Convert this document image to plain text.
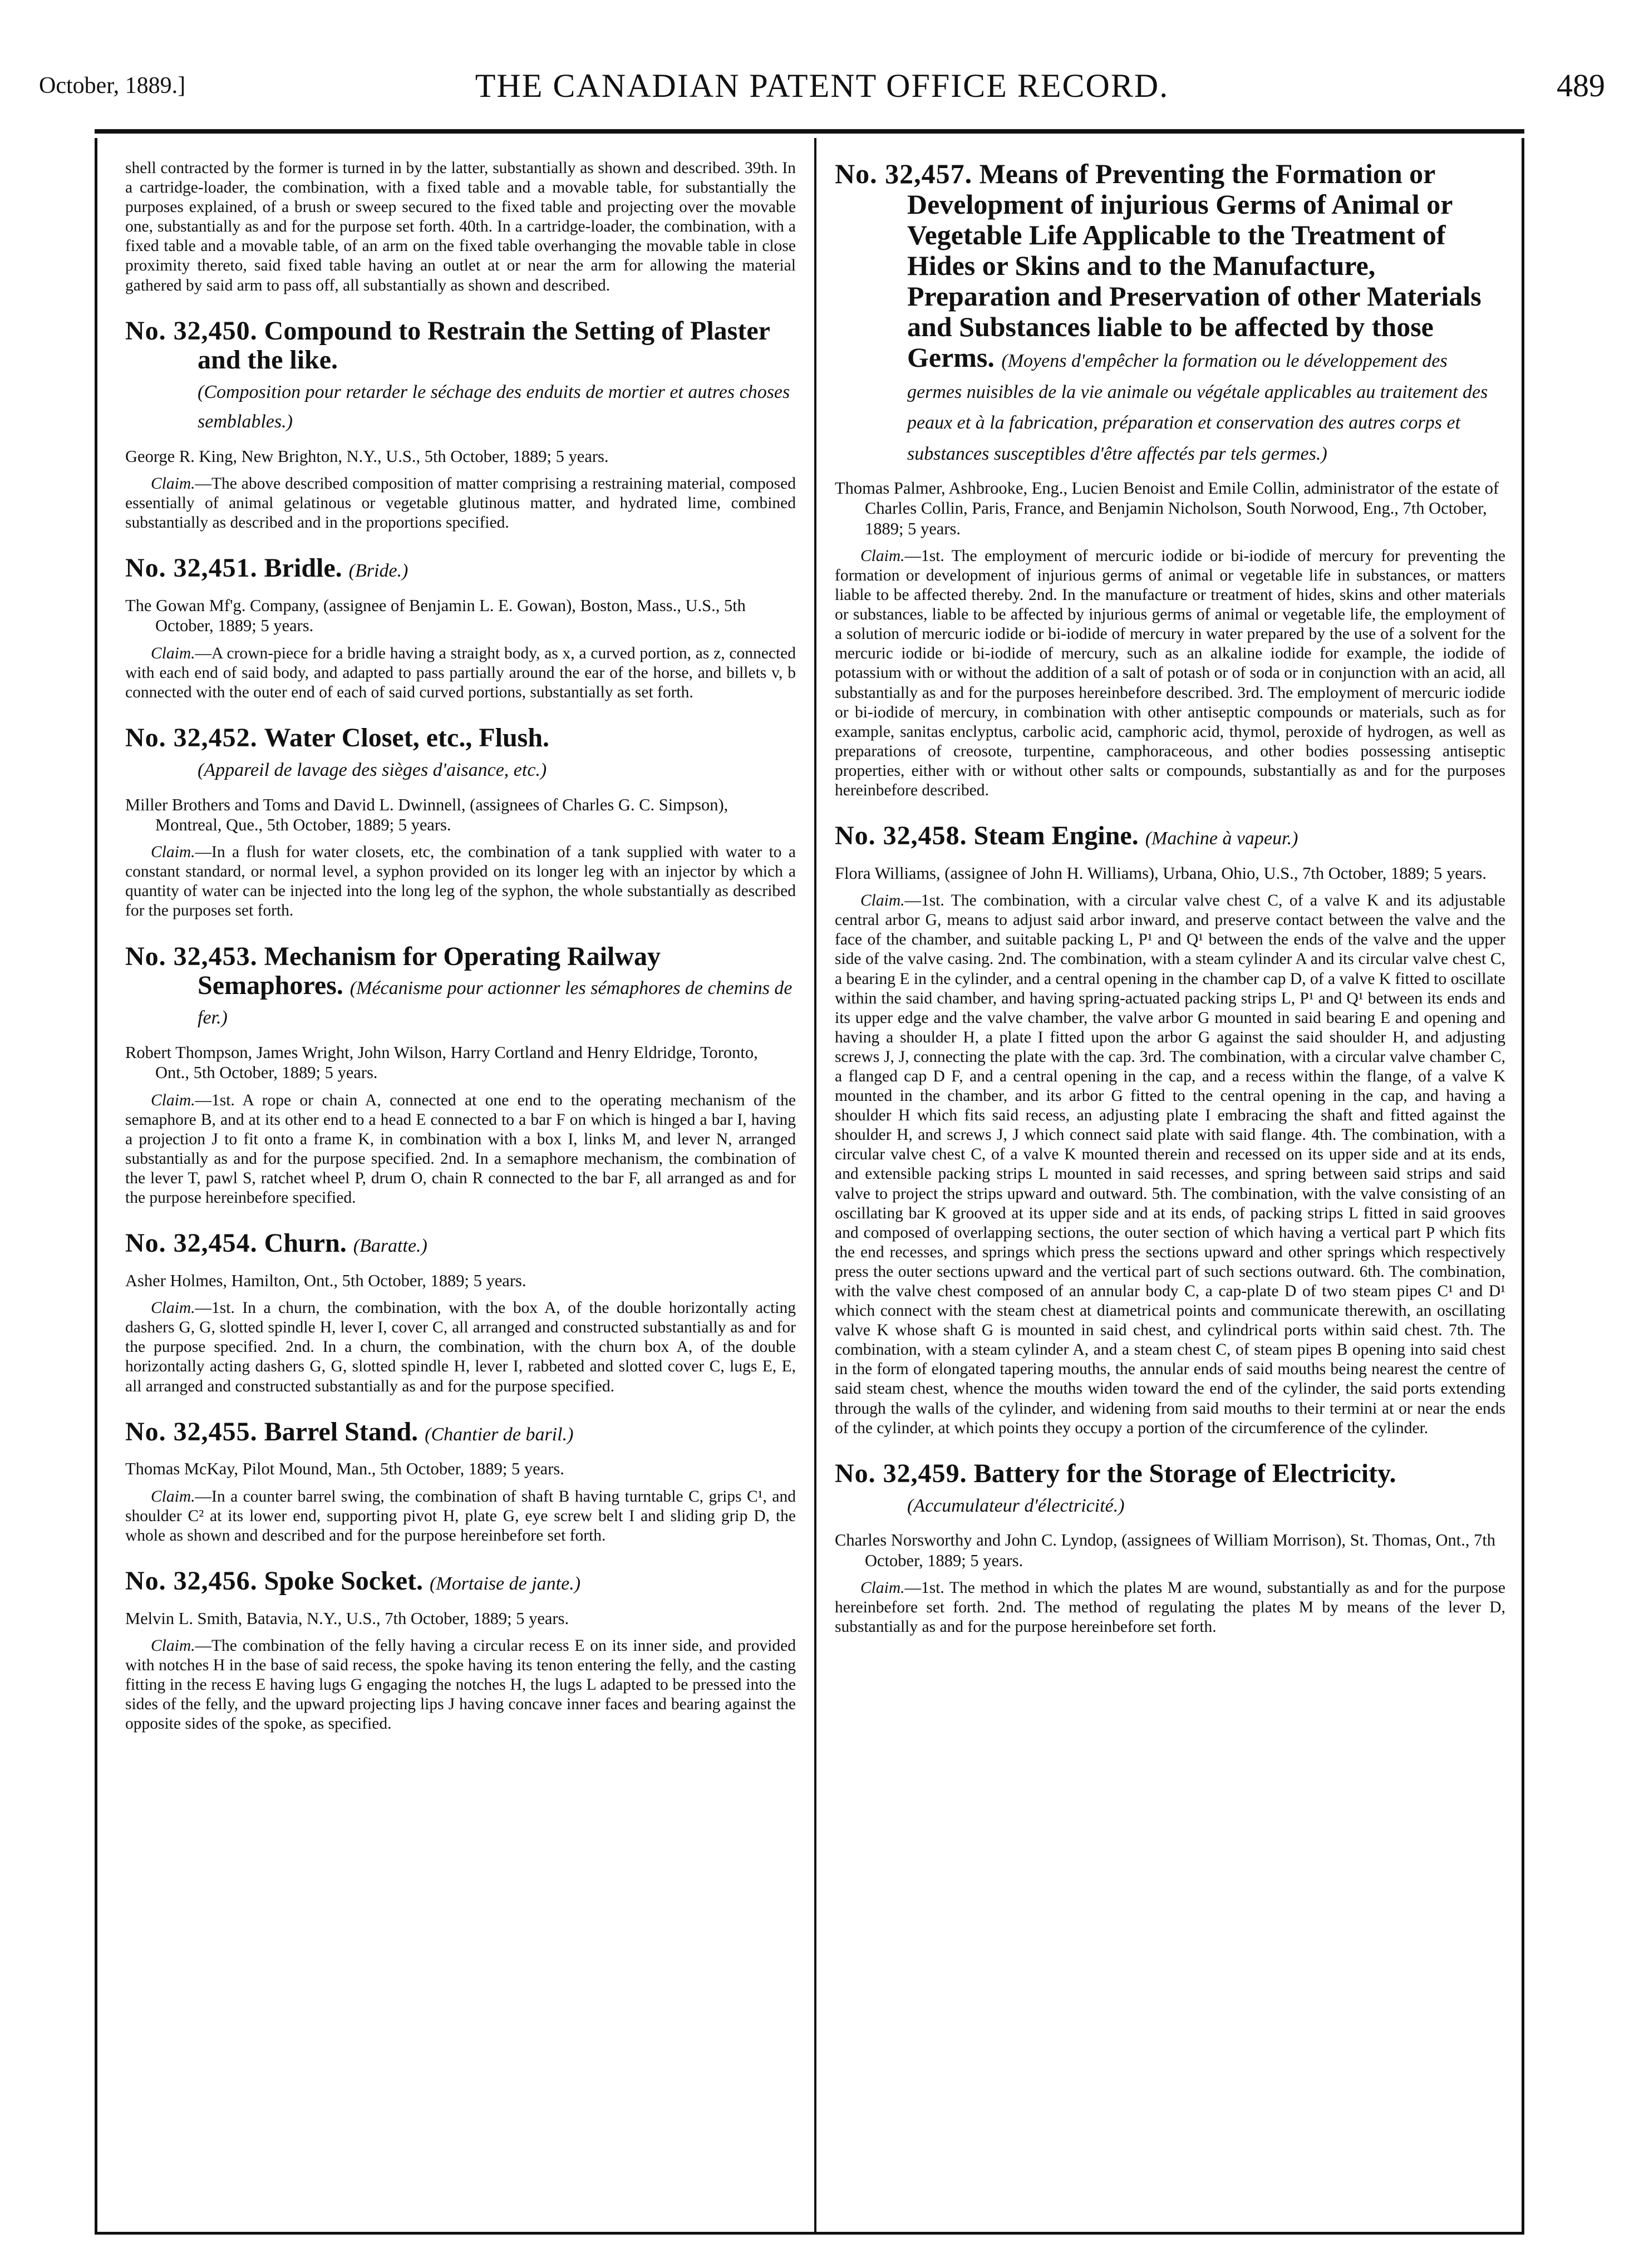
October, 1889.]	THE CANADIAN PATENT OFFICE RECORD.	489

shell contracted by the former is turned in by the latter, substantially as shown and described. 39th. In a cartridge-loader, the combination, with a fixed table and a movable table, for substantially the purposes explained, of a brush or sweep secured to the fixed table and projecting over the movable one, substantially as and for the purpose set forth. 40th. In a cartridge-loader, the combination, with a fixed table and a movable table, of an arm on the fixed table overhanging the movable table in close proximity thereto, said fixed table having an outlet at or near the arm for allowing the material gathered by said arm to pass off, all substantially as shown and described.

No. 32,450. Compound to Restrain the Setting of Plaster and the like.
(Composition pour retarder le séchage des enduits de mortier et autres choses semblables.)

George R. King, New Brighton, N.Y., U.S., 5th October, 1889; 5 years.

Claim.—The above described composition of matter comprising a restraining material, composed essentially of animal gelatinous or vegetable glutinous matter, and hydrated lime, combined substantially as described and in the proportions specified.

No. 32,451. Bridle. (Bride.)

The Gowan Mf'g. Company, (assignee of Benjamin L. E. Gowan), Boston, Mass., U.S., 5th October, 1889; 5 years.

Claim.—A crown-piece for a bridle having a straight body, as x, a curved portion, as z, connected with each end of said body, and adapted to pass partially around the ear of the horse, and billets v, b connected with the outer end of each of said curved portions, substantially as set forth.

No. 32,452. Water Closet, etc., Flush.
(Appareil de lavage des sièges d'aisance, etc.)

Miller Brothers and Toms and David L. Dwinnell, (assignees of Charles G. C. Simpson), Montreal, Que., 5th October, 1889; 5 years.

Claim.—In a flush for water closets, etc, the combination of a tank supplied with water to a constant standard, or normal level, a syphon provided on its longer leg with an injector by which a quantity of water can be injected into the long leg of the syphon, the whole substantially as described for the purposes set forth.

No. 32,453. Mechanism for Operating Railway Semaphores. (Mécanisme pour actionner les sémaphores de chemins de fer.)

Robert Thompson, James Wright, John Wilson, Harry Cortland and Henry Eldridge, Toronto, Ont., 5th October, 1889; 5 years.

Claim.—1st. A rope or chain A, connected at one end to the operating mechanism of the semaphore B, and at its other end to a head E connected to a bar F on which is hinged a bar I, having a projection J to fit onto a frame K, in combination with a box I, links M, and lever N, arranged substantially as and for the purpose specified. 2nd. In a semaphore mechanism, the combination of the lever T, pawl S, ratchet wheel P, drum O, chain R connected to the bar F, all arranged as and for the purpose hereinbefore specified.

No. 32,454. Churn. (Baratte.)

Asher Holmes, Hamilton, Ont., 5th October, 1889; 5 years.

Claim.—1st. In a churn, the combination, with the box A, of the double horizontally acting dashers G, G, slotted spindle H, lever I, cover C, all arranged and constructed substantially as and for the purpose specified. 2nd. In a churn, the combination, with the churn box A, of the double horizontally acting dashers G, G, slotted spindle H, lever I, rabbeted and slotted cover C, lugs E, E, all arranged and constructed substantially as and for the purpose specified.

No. 32,455. Barrel Stand. (Chantier de baril.)

Thomas McKay, Pilot Mound, Man., 5th October, 1889; 5 years.

Claim.—In a counter barrel swing, the combination of shaft B having turntable C, grips C¹, and shoulder C² at its lower end, supporting pivot H, plate G, eye screw belt I and sliding grip D, the whole as shown and described and for the purpose hereinbefore set forth.

No. 32,456. Spoke Socket. (Mortaise de jante.)

Melvin L. Smith, Batavia, N.Y., U.S., 7th October, 1889; 5 years.

Claim.—The combination of the felly having a circular recess E on its inner side, and provided with notches H in the base of said recess, the spoke having its tenon entering the felly, and the casting fitting in the recess E having lugs G engaging the notches H, the lugs L adapted to be pressed into the sides of the felly, and the upward projecting lips J having concave inner faces and bearing against the opposite sides of the spoke, as specified.

No. 32,457. Means of Preventing the Formation or Development of injurious Germs of Animal or Vegetable Life Applicable to the Treatment of Hides or Skins and to the Manufacture, Preparation and Preservation of other Materials and Substances liable to be affected by those Germs. (Moyens d'empêcher la formation ou le développement des germes nuisibles de la vie animale ou végétale applicables au traitement des peaux et à la fabrication, préparation et conservation des autres corps et substances susceptibles d'être affectés par tels germes.)

Thomas Palmer, Ashbrooke, Eng., Lucien Benoist and Emile Collin, administrator of the estate of Charles Collin, Paris, France, and Benjamin Nicholson, South Norwood, Eng., 7th October, 1889; 5 years.

Claim.—1st. The employment of mercuric iodide or bi-iodide of mercury for preventing the formation or development of injurious germs of animal or vegetable life in substances, or matters liable to be affected thereby. 2nd. In the manufacture or treatment of hides, skins and other materials or substances, liable to be affected by injurious germs of animal or vegetable life, the employment of a solution of mercuric iodide or bi-iodide of mercury in water prepared by the use of a solvent for the mercuric iodide or bi-iodide of mercury, such as an alkaline iodide for example, the iodide of potassium with or without the addition of a salt of potash or of soda or in conjunction with an acid, all substantially as and for the purposes hereinbefore described. 3rd. The employment of mercuric iodide or bi-iodide of mercury, in combination with other antiseptic compounds or materials, such as for example, sanitas enclyptus, carbolic acid, camphoric acid, thymol, peroxide of hydrogen, as well as preparations of creosote, turpentine, camphoraceous, and other bodies possessing antiseptic properties, either with or without other salts or compounds, substantially as and for the purposes hereinbefore described.

No. 32,458. Steam Engine. (Machine à vapeur.)

Flora Williams, (assignee of John H. Williams), Urbana, Ohio, U.S., 7th October, 1889; 5 years.

Claim.—1st. The combination, with a circular valve chest C, of a valve K and its adjustable central arbor G, means to adjust said arbor inward, and preserve contact between the valve and the face of the chamber, and suitable packing L, P¹ and Q¹ between the ends of the valve and the upper side of the valve casing. 2nd. The combination, with a steam cylinder A and its circular valve chest C, a bearing E in the cylinder, and a central opening in the chamber cap D, of a valve K fitted to oscillate within the said chamber, and having spring-actuated packing strips L, P¹ and Q¹ between its ends and its upper edge and the valve chamber, the valve arbor G mounted in said bearing E and opening and having a shoulder H, a plate I fitted upon the arbor G against the said shoulder H, and adjusting screws J, J, connecting the plate with the cap. 3rd. The combination, with a circular valve chamber C, a flanged cap D F, and a central opening in the cap, and a recess within the flange, of a valve K mounted in the chamber, and its arbor G fitted to the central opening in the cap, and having a shoulder H which fits said recess, an adjusting plate I embracing the shaft and fitted against the shoulder H, and screws J, J which connect said plate with said flange. 4th. The combination, with a circular valve chest C, of a valve K mounted therein and recessed on its upper side and at its ends, and extensible packing strips L mounted in said recesses, and spring between said strips and said valve to project the strips upward and outward. 5th. The combination, with the valve consisting of an oscillating bar K grooved at its upper side and at its ends, of packing strips L fitted in said grooves and composed of overlapping sections, the outer section of which having a vertical part P which fits the end recesses, and springs which press the sections upward and other springs which respectively press the outer sections upward and the vertical part of such sections outward. 6th. The combination, with the valve chest composed of an annular body C, a cap-plate D of two steam pipes C¹ and D¹ which connect with the steam chest at diametrical points and communicate therewith, an oscillating valve K whose shaft G is mounted in said chest, and cylindrical ports within said chest. 7th. The combination, with a steam cylinder A, and a steam chest C, of steam pipes B opening into said chest in the form of elongated tapering mouths, the annular ends of said mouths being nearest the centre of said steam chest, whence the mouths widen toward the end of the cylinder, the said ports extending through the walls of the cylinder, and widening from said mouths to their termini at or near the ends of the cylinder, at which points they occupy a portion of the circumference of the cylinder.

No. 32,459. Battery for the Storage of Electricity. (Accumulateur d'électricité.)

Charles Norsworthy and John C. Lyndop, (assignees of William Morrison), St. Thomas, Ont., 7th October, 1889; 5 years.

Claim.—1st. The method in which the plates M are wound, substantially as and for the purpose hereinbefore set forth. 2nd. The method of regulating the plates M by means of the lever D, substantially as and for the purpose hereinbefore set forth.
